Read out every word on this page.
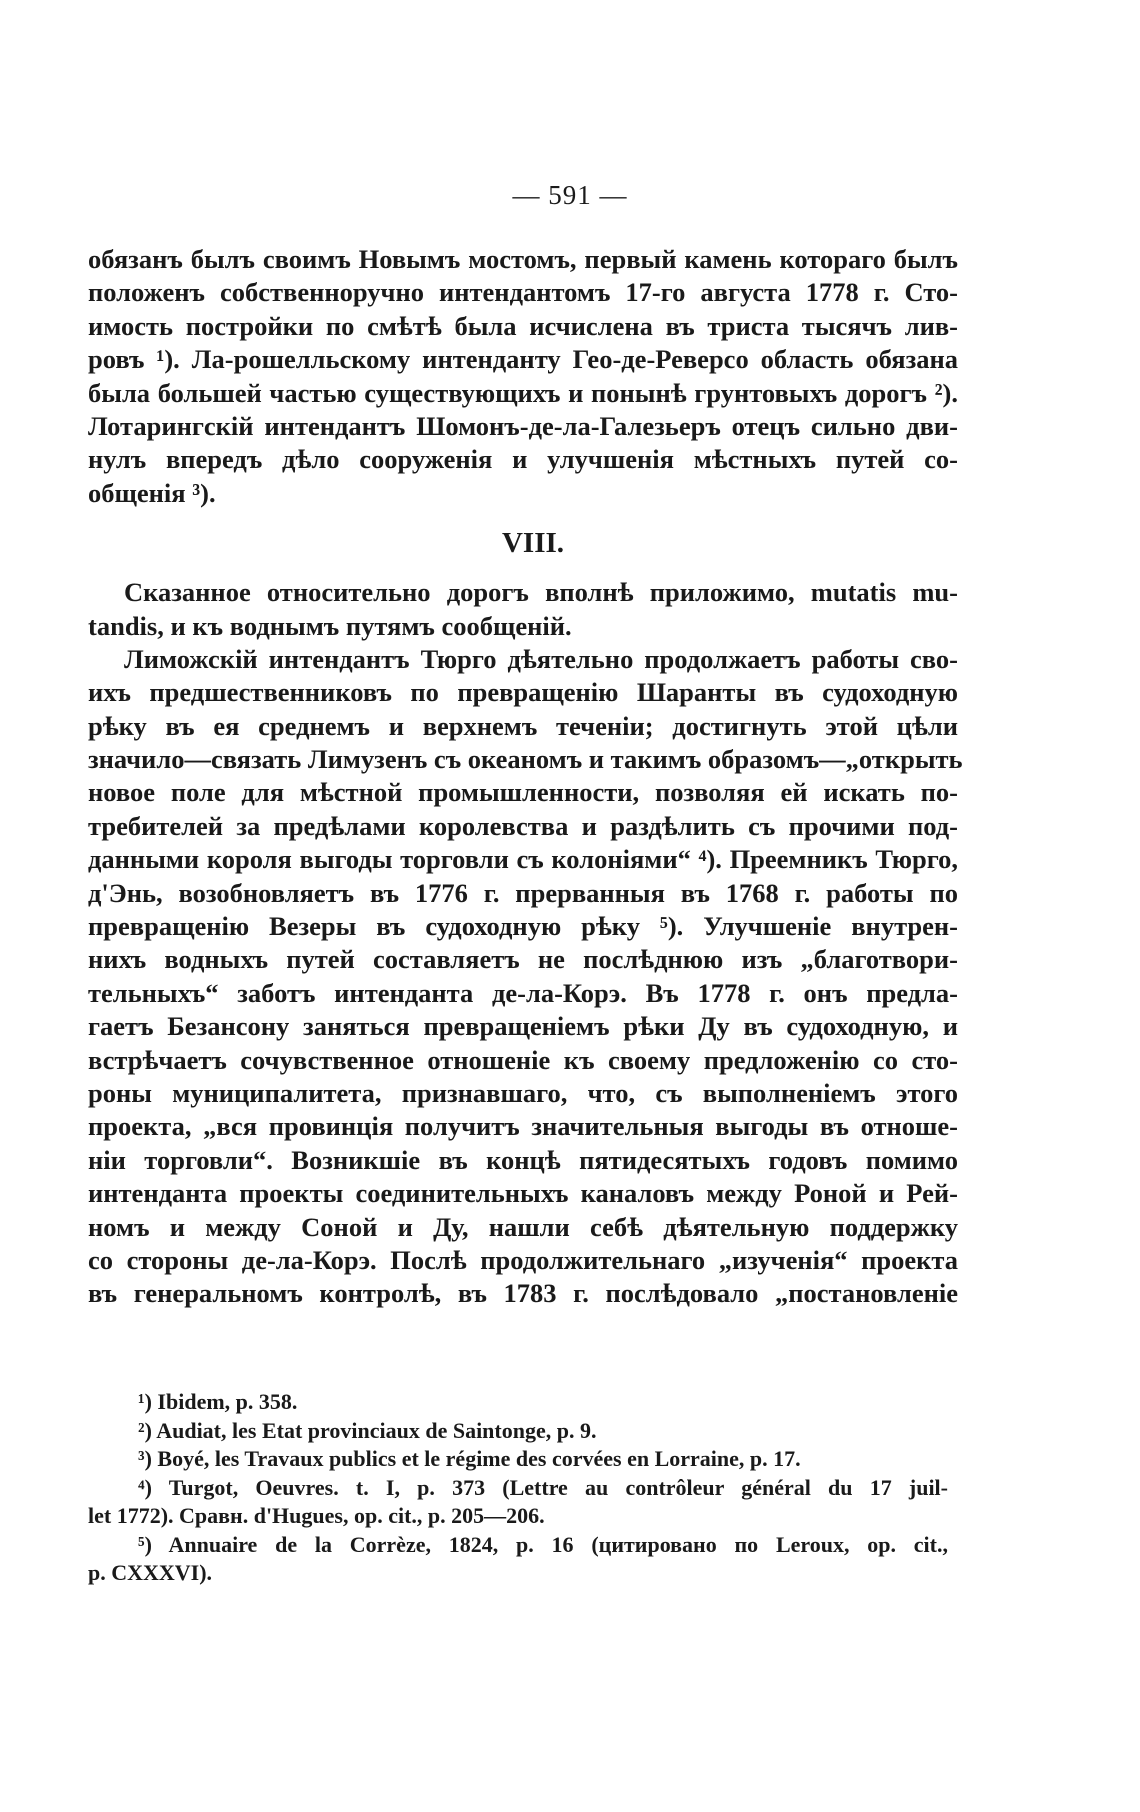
— 591 —
обязанъ былъ своимъ Новымъ мостомъ, первый камень котораго былъ
положенъ собственноручно интендантомъ 17-го августа 1778 г. Сто-
имость постройки по смѣтѣ была исчислена въ триста тысячъ лив-
ровъ ¹). Ла-рошелльскому интенданту Гео-де-Реверсо область обязана
была большей частью существующихъ и понынѣ грунтовыхъ дорогъ ²).
Лотарингскій интендантъ Шомонъ-де-ла-Галезьеръ отецъ сильно дви-
нулъ впередъ дѣло сооруженія и улучшенія мѣстныхъ путей со-
общенія ³).
VIII.
Сказанное относительно дорогъ вполнѣ приложимо, mutatis mu-
tandis, и къ воднымъ путямъ сообщеній.
Лиможскій интендантъ Тюрго дѣятельно продолжаетъ работы сво-
ихъ предшественниковъ по превращенію Шаранты въ судоходную
рѣку въ ея среднемъ и верхнемъ теченіи; достигнуть этой цѣли
значило—связать Лимузенъ съ океаномъ и такимъ образомъ—„открыть
новое поле для мѣстной промышленности, позволяя ей искать по-
требителей за предѣлами королевства и раздѣлить съ прочими под-
данными короля выгоды торговли съ колоніями“ ⁴). Преемникъ Тюрго,
д'Энь, возобновляетъ въ 1776 г. прерванныя въ 1768 г. работы по
превращенію Везеры въ судоходную рѣку ⁵). Улучшеніе внутрен-
нихъ водныхъ путей составляетъ не послѣднюю изъ „благотвори-
тельныхъ“ заботъ интенданта де-ла-Корэ. Въ 1778 г. онъ предла-
гаетъ Безансону заняться превращеніемъ рѣки Ду въ судоходную, и
встрѣчаетъ сочувственное отношеніе къ своему предложенію со сто-
роны муниципалитета, признавшаго, что, съ выполненіемъ этого
проекта, „вся провинція получитъ значительныя выгоды въ отноше-
ніи торговли“. Возникшіе въ концѣ пятидесятыхъ годовъ помимо
интенданта проекты соединительныхъ каналовъ между Роной и Рей-
номъ и между Соной и Ду, нашли себѣ дѣятельную поддержку
со стороны де-ла-Корэ. Послѣ продолжительнаго „изученія“ проекта
въ генеральномъ контролѣ, въ 1783 г. послѣдовало „постановленіе
¹) Ibidem, p. 358.
²) Audiat, les Etat provinciaux de Saintonge, p. 9.
³) Boyé, les Travaux publics et le régime des corvées en Lorraine, p. 17.
⁴) Turgot, Oeuvres. t. I, p. 373 (Lettre au contrôleur général du 17 juil-
let 1772). Сравн. d'Hugues, op. cit., p. 205—206.
⁵) Annuaire de la Corrèze, 1824, p. 16 (цитировано по Leroux, op. cit.,
p. CXXXVI).
